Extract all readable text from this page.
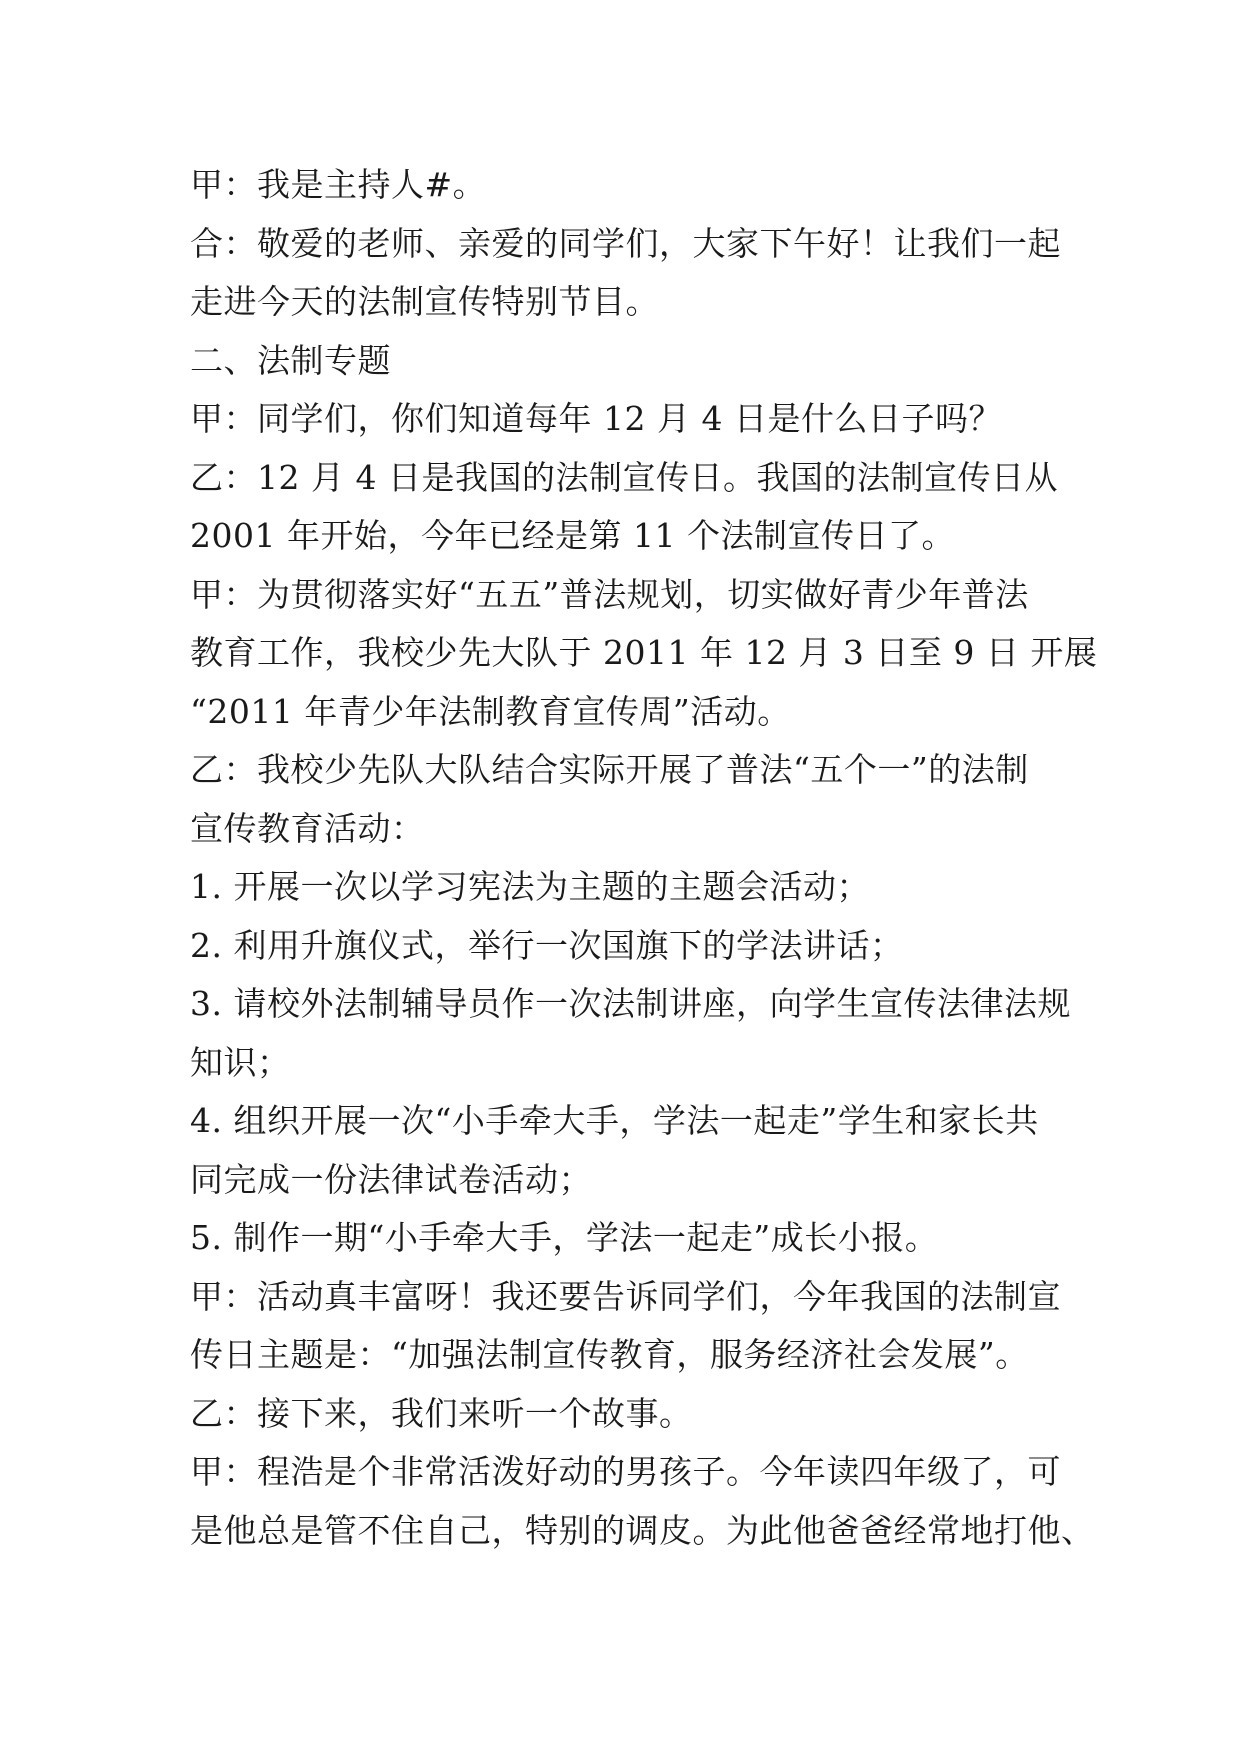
甲：我是主持人#。
合：敬爱的老师、亲爱的同学们，大家下午好！让我们一起
走进今天的法制宣传特别节目。
二、法制专题
甲：同学们，你们知道每年 12 月 4 日是什么日子吗？
乙：12 月 4 日是我国的法制宣传日。我国的法制宣传日从
2001 年开始，今年已经是第 11 个法制宣传日了。
甲：为贯彻落实好“五五”普法规划，切实做好青少年普法
教育工作，我校少先大队于 2011 年 12 月 3 日至 9 日 开展
“2011 年青少年法制教育宣传周”活动。
乙：我校少先队大队结合实际开展了普法“五个一”的法制
宣传教育活动：
1. 开展一次以学习宪法为主题的主题会活动；
2. 利用升旗仪式，举行一次国旗下的学法讲话；
3. 请校外法制辅导员作一次法制讲座，向学生宣传法律法规
知识；
4. 组织开展一次“小手牵大手，学法一起走”学生和家长共
同完成一份法律试卷活动；
5. 制作一期“小手牵大手，学法一起走”成长小报。
甲：活动真丰富呀！我还要告诉同学们，今年我国的法制宣
传日主题是：“加强法制宣传教育，服务经济社会发展”。
乙：接下来，我们来听一个故事。
甲：程浩是个非常活泼好动的男孩子。今年读四年级了，可
是他总是管不住自己，特别的调皮。为此他爸爸经常地打他、
